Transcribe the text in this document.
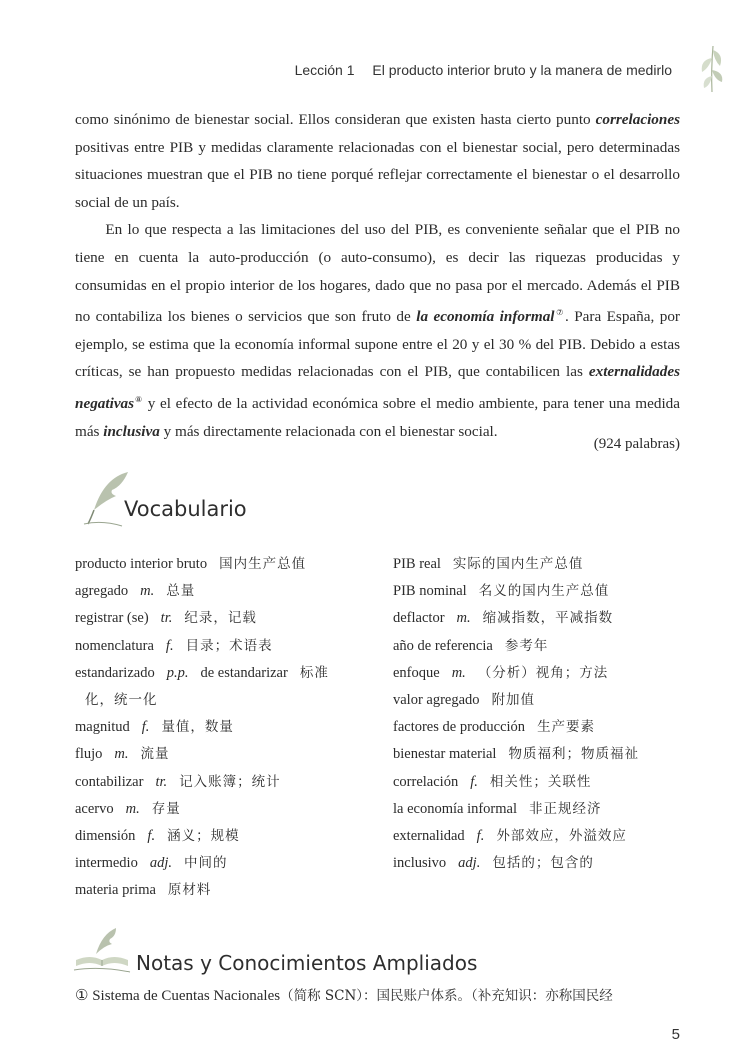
Lección 1 El producto interior bruto y la manera de medirlo

como sinónimo de bienestar social. Ellos consideran que existen hasta cierto punto correlaciones positivas entre PIB y medidas claramente relacionadas con el bienestar social, pero determinadas situaciones muestran que el PIB no tiene porqué reflejar correctamente el bienestar o el desarrollo social de un país.

En lo que respecta a las limitaciones del uso del PIB, es conveniente señalar que el PIB no tiene en cuenta la auto-producción (o auto-consumo), es decir las riquezas producidas y consumidas en el propio interior de los hogares, dado que no pasa por el mercado. Además el PIB no contabiliza los bienes o servicios que son fruto de la economía informal⑦. Para España, por ejemplo, se estima que la economía informal supone entre el 20 y el 30 % del PIB. Debido a estas críticas, se han propuesto medidas relacionadas con el PIB, que contabilicen las externalidades negativas⑧ y el efecto de la actividad económica sobre el medio ambiente, para tener una medida más inclusiva y más directamente relacionada con el bienestar social.

(924 palabras)
Vocabulario
producto interior bruto 国内生产总值
agregado m. 总量
registrar (se) tr. 纪录，记载
nomenclatura f. 目录；术语表
estandarizado p.p. de estandarizar 标准
化，统一化
magnitud f. 量值，数量
flujo m. 流量
contabilizar tr. 记入账簿；统计
acervo m. 存量
dimensión f. 涵义；规模
intermedio adj. 中间的
materia prima 原材料
PIB real 实际的国内生产总值
PIB nominal 名义的国内生产总值
deflactor m. 缩减指数，平减指数
año de referencia 参考年
enfoque m. （分析）视角；方法
valor agregado 附加值
factores de producción 生产要素
bienestar material 物质福利；物质福祉
correlación f. 相关性；关联性
la economía informal 非正规经济
externalidad f. 外部效应，外溢效应
inclusivo adj. 包括的；包含的
Notas y Conocimientos Ampliados
① Sistema de Cuentas Nacionales（简称 SCN）：国民账户体系。（补充知识：亦称国民经
5
